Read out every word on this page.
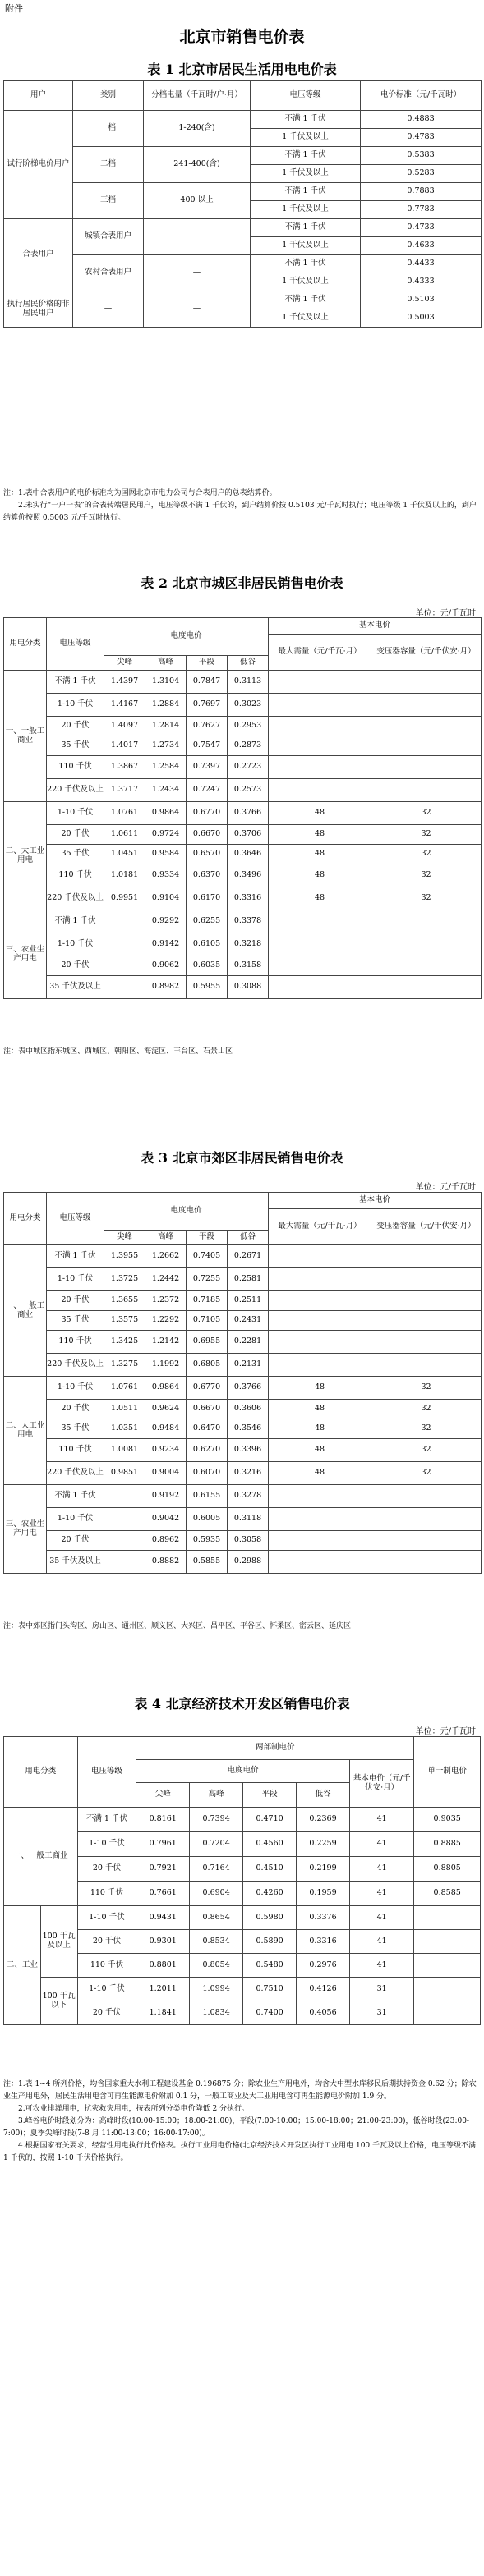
附件
北京市销售电价表
表 1 北京市居民生活用电电价表
用户	类别	分档电量（千瓦时/户·月）	电压等级	电价标准（元/千瓦时）
试行阶梯电价用户	一档	1-240(含)	不满 1 千伏	0.4883
			1 千伏及以上	0.4783
	二档	241-400(含)	不满 1 千伏	0.5383
			1 千伏及以上	0.5283
	三档	400 以上	不满 1 千伏	0.7883
			1 千伏及以上	0.7783
合表用户	城镇合表用户	—	不满 1 千伏	0.4733
			1 千伏及以上	0.4633
	农村合表用户	—	不满 1 千伏	0.4433
			1 千伏及以上	0.4333
执行居民价格的非居民用户	—	—	不满 1 千伏	0.5103
			1 千伏及以上	0.5003

注：1.表中合表用户的电价标准均为国网北京市电力公司与合表用户的总表结算价。

　　2.未实行“一户一表”的合表转端居民用户，电压等级不满 1 千伏的，到户结算价按 0.5103 元/千瓦时执行；电压等级 1 千伏及以上的，到户结算价按照 0.5003 元/千瓦时执行。

表 2 北京市城区非居民销售电价表
单位：元/千瓦时
用电分类	电压等级	电度电价				基本电价	
						最大需量（元/千瓦·月）	变压器容量（元/千伏安·月）
		尖峰	高峰	平段	低谷		
一、一般工商业	不满 1 千伏	1.4397	1.3104	0.7847	0.3113		
	1-10 千伏	1.4167	1.2884	0.7697	0.3023		
	20 千伏	1.4097	1.2814	0.7627	0.2953		
	35 千伏	1.4017	1.2734	0.7547	0.2873		
	110 千伏	1.3867	1.2584	0.7397	0.2723		
	220 千伏及以上	1.3717	1.2434	0.7247	0.2573		
二、大工业用电	1-10 千伏	1.0761	0.9864	0.6770	0.3766	48	32
	20 千伏	1.0611	0.9724	0.6670	0.3706	48	32
	35 千伏	1.0451	0.9584	0.6570	0.3646	48	32
	110 千伏	1.0181	0.9334	0.6370	0.3496	48	32
	220 千伏及以上	0.9951	0.9104	0.6170	0.3316	48	32
三、农业生产用电	不满 1 千伏		0.9292	0.6255	0.3378		
	1-10 千伏		0.9142	0.6105	0.3218		
	20 千伏		0.9062	0.6035	0.3158		
	35 千伏及以上		0.8982	0.5955	0.3088		
注：表中城区指东城区、西城区、朝阳区、海淀区、丰台区、石景山区
表 3 北京市郊区非居民销售电价表
单位：元/千瓦时
用电分类	电压等级	电度电价				基本电价	
						最大需量（元/千瓦·月）	变压器容量（元/千伏安·月）
		尖峰	高峰	平段	低谷		
一、一般工商业	不满 1 千伏	1.3955	1.2662	0.7405	0.2671		
	1-10 千伏	1.3725	1.2442	0.7255	0.2581		
	20 千伏	1.3655	1.2372	0.7185	0.2511		
	35 千伏	1.3575	1.2292	0.7105	0.2431		
	110 千伏	1.3425	1.2142	0.6955	0.2281		
	220 千伏及以上	1.3275	1.1992	0.6805	0.2131		
二、大工业用电	1-10 千伏	1.0761	0.9864	0.6770	0.3766	48	32
	20 千伏	1.0511	0.9624	0.6670	0.3606	48	32
	35 千伏	1.0351	0.9484	0.6470	0.3546	48	32
	110 千伏	1.0081	0.9234	0.6270	0.3396	48	32
	220 千伏及以上	0.9851	0.9004	0.6070	0.3216	48	32
三、农业生产用电	不满 1 千伏		0.9192	0.6155	0.3278		
	1-10 千伏		0.9042	0.6005	0.3118		
	20 千伏		0.8962	0.5935	0.3058		
	35 千伏及以上		0.8882	0.5855	0.2988		
注：表中郊区指门头沟区、房山区、通州区、顺义区、大兴区、昌平区、平谷区、怀柔区、密云区、延庆区
表 4 北京经济技术开发区销售电价表
单位：元/千瓦时
用电分类		电压等级	两部制电价					单一制电价
			电度电价				基本电价（元/千伏安·月）	
			尖峰	高峰	平段	低谷		
一、一般工商业		不满 1 千伏	0.8161	0.7394	0.4710	0.2369	41	0.9035
		1-10 千伏	0.7961	0.7204	0.4560	0.2259	41	0.8885
		20 千伏	0.7921	0.7164	0.4510	0.2199	41	0.8805
		110 千伏	0.7661	0.6904	0.4260	0.1959	41	0.8585
二、工业	100 千瓦及以上	1-10 千伏	0.9431	0.8654	0.5980	0.3376	41	
		20 千伏	0.9301	0.8534	0.5890	0.3316	41	
		110 千伏	0.8801	0.8054	0.5480	0.2976	41	
	100 千瓦以下	1-10 千伏	1.2011	1.0994	0.7510	0.4126	31	
		20 千伏	1.1841	1.0834	0.7400	0.4056	31	

注：1.表 1~4 所列价格，均含国家重大水利工程建设基金 0.196875 分；除农业生产用电外，均含大中型水库移民后期扶持资金 0.62 分；除农业生产用电外，居民生活用电含可再生能源电价附加 0.1 分，一般工商业及大工业用电含可再生能源电价附加 1.9 分。

　　2.可农业排灌用电，抗灾救灾用电，按表所列分类电价降低 2 分执行。

　　3.峰谷电价时段划分为：高峰时段(10:00-15:00；18:00-21:00)，平段(7:00-10:00；15:00-18:00；21:00-23:00)，低谷时段(23:00-7:00)；夏季尖峰时段(7-8 月 11:00-13:00；16:00-17:00)。

　　4.根据国家有关要求，经营性用电执行此价格表。执行工业用电价格(北京经济技术开发区执行工业用电 100 千瓦及以上价格，电压等级不满 1 千伏的，按照 1-10 千伏价格执行。
